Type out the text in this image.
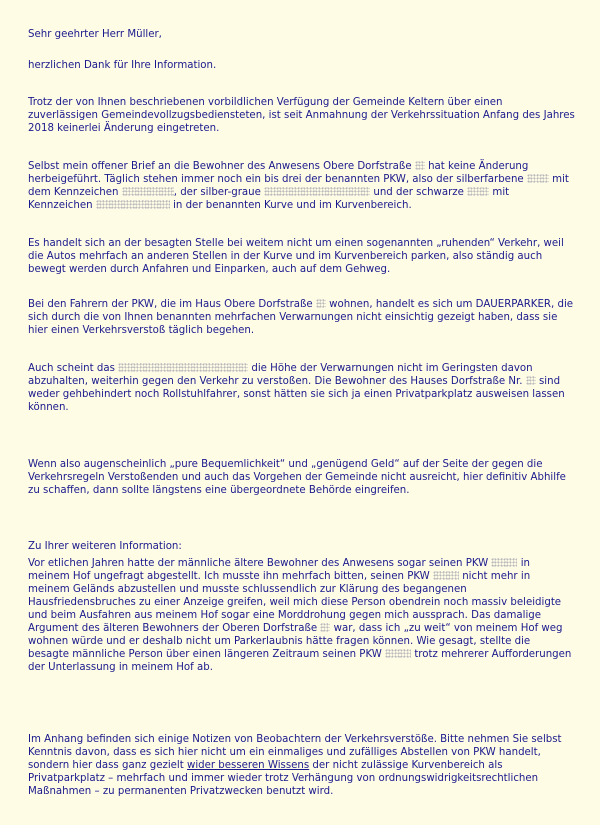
Sehr geehrter Herr Müller,

herzlichen Dank für Ihre Information.

Trotz der von Ihnen beschriebenen vorbildlichen Verfügung der Gemeinde Keltern über einen
zuverlässigen Gemeindevollzugsbediensteten, ist seit Anmahnung der Verkehrssituation Anfang des Jahres
2018 keinerlei Änderung eingetreten.

Selbst mein offener Brief an die Bewohner des Anwesens Obere Dorfstraße  hat keine Änderung
herbeigeführt. Täglich stehen immer noch ein bis drei der benannten PKW, also der silberfarbene	mit
dem Kennzeichen	, der silber-graue	und der schwarze  mit
Kennzeichen	in der benannten Kurve und im Kurvenbereich.

Es handelt sich an der besagten Stelle bei weitem nicht um einen sogenannten „ruhenden“ Verkehr, weil
die Autos mehrfach an anderen Stellen in der Kurve und im Kurvenbereich parken, also ständig auch
bewegt werden durch Anfahren und Einparken, auch auf dem Gehweg.

Bei den Fahrern der PKW, die im Haus Obere Dorfstraße  wohnen, handelt es sich um DAUERPARKER, die
sich durch die von Ihnen benannten mehrfachen Verwarnungen nicht einsichtig gezeigt haben, dass sie
hier einen Verkehrsverstoß täglich begehen.

Auch scheint das	die Höhe der Verwarnungen nicht im Geringsten davon
abzuhalten, weiterhin gegen den Verkehr zu verstoßen. Die Bewohner des Hauses Dorfstraße Nr.  sind
weder gehbehindert noch Rollstuhlfahrer, sonst hätten sie sich ja einen Privatparkplatz ausweisen lassen
können.

Wenn also augenscheinlich „pure Bequemlichkeit“ und „genügend Geld“ auf der Seite der gegen die
Verkehrsregeln Verstoßenden und auch das Vorgehen der Gemeinde nicht ausreicht, hier definitiv Abhilfe
zu schaffen, dann sollte längstens eine übergeordnete Behörde eingreifen.

Zu Ihrer weiteren Information:

Vor etlichen Jahren hatte der männliche ältere Bewohner des Anwesens sogar seinen PKW	in
meinem Hof ungefragt abgestellt. Ich musste ihn mehrfach bitten, seinen PKW	nicht mehr in
meinem Geländs abzustellen und musste schlussendlich zur Klärung des begangenen
Hausfriedensbruches zu einer Anzeige greifen, weil mich diese Person obendrein noch massiv beleidigte
und beim Ausfahren aus meinem Hof sogar eine Morddrohung gegen mich aussprach. Das damalige
Argument des älteren Bewohners der Oberen Dorfstraße  war, dass ich „zu weit“ von meinem Hof weg
wohnen würde und er deshalb nicht um Parkerlaubnis hätte fragen können. Wie gesagt, stellte die
besagte männliche Person über einen längeren Zeitraum seinen PKW	trotz mehrerer Aufforderungen
der Unterlassung in meinem Hof ab.

Im Anhang befinden sich einige Notizen von Beobachtern der Verkehrsverstöße. Bitte nehmen Sie selbst
Kenntnis davon, dass es sich hier nicht um ein einmaliges und zufälliges Abstellen von PKW handelt,
sondern hier dass ganz gezielt wider besseren Wissens der nicht zulässige Kurvenbereich als
Privatparkplatz – mehrfach und immer wieder trotz Verhängung von ordnungswidrigkeitsrechtlichen
Maßnahmen – zu permanenten Privatzwecken benutzt wird.
